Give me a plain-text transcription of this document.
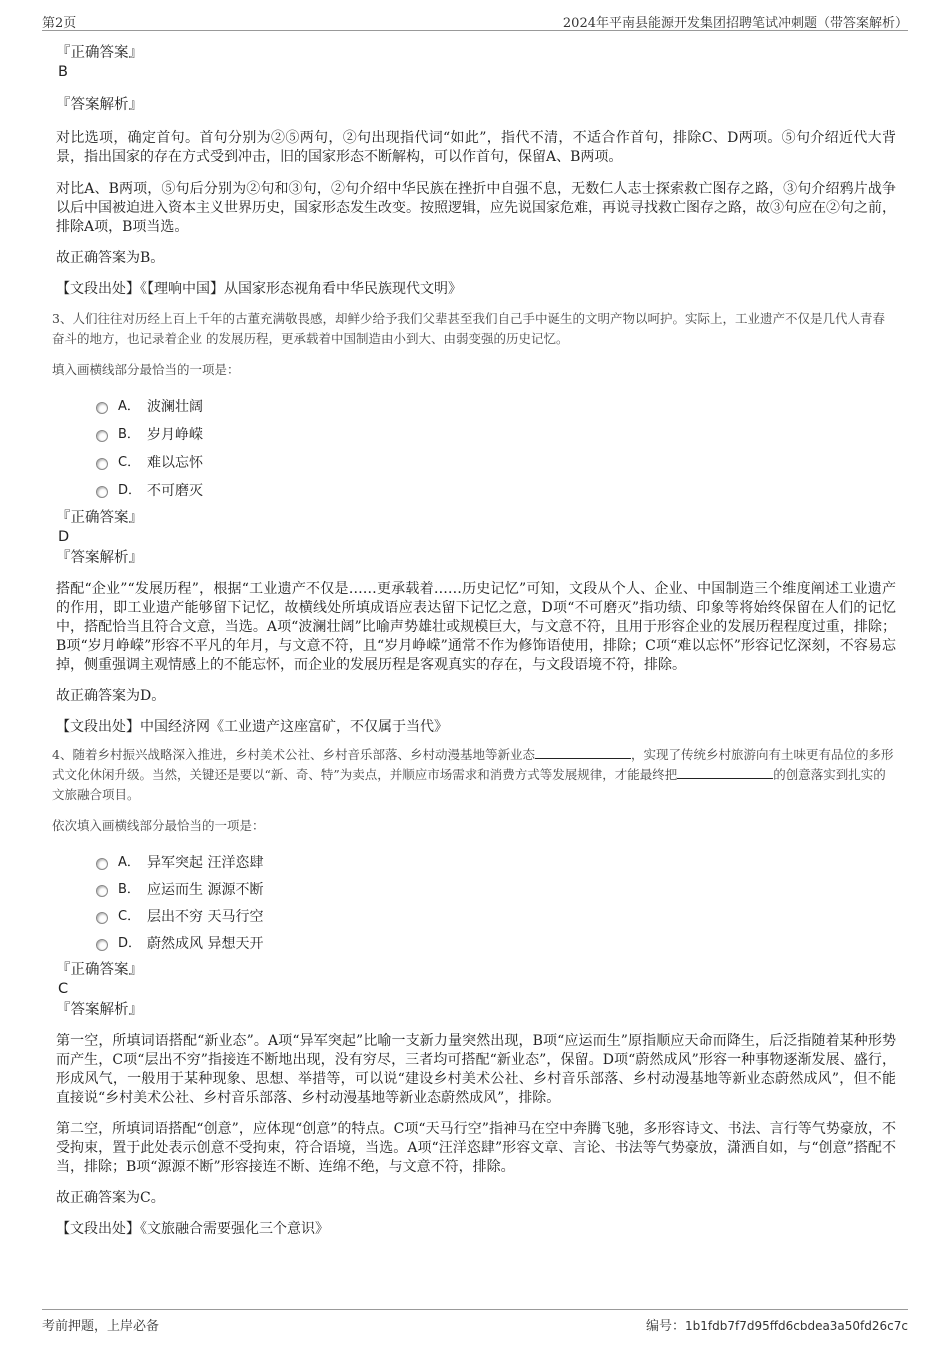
第2页	2024年平南县能源开发集团招聘笔试冲刺题（带答案解析）

『正确答案』

B

『答案解析』

对比选项，确定首句。首句分别为②⑤两句，②句出现指代词“如此”，指代不清，不适合作首句，排除C、D两项。⑤句介绍近代大背景，指出国家的存在方式受到冲击，旧的国家形态不断解构，可以作首句，保留A、B两项。

对比A、B两项，⑤句后分别为②句和③句，②句介绍中华民族在挫折中自强不息，无数仁人志士探索救亡图存之路，③句介绍鸦片战争以后中国被迫进入资本主义世界历史，国家形态发生改变。按照逻辑，应先说国家危难，再说寻找救亡图存之路，故③句应在②句之前，排除A项，B项当选。

故正确答案为B。

【文段出处】《【理响中国】从国家形态视角看中华民族现代文明》

3、人们往往对历经上百上千年的古董充满敬畏感，却鲜少给予我们父辈甚至我们自己手中诞生的文明产物以呵护。实际上，工业遗产不仅是几代人青春奋斗的地方，也记录着企业 的发展历程，更承载着中国制造由小到大、由弱变强的历史记忆。

填入画横线部分最恰当的一项是：

A． 波澜壮阔
B． 岁月峥嵘
C． 难以忘怀
D． 不可磨灭

『正确答案』

D

『答案解析』

搭配“企业”“发展历程”，根据“工业遗产不仅是……更承载着……历史记忆”可知，文段从个人、企业、中国制造三个维度阐述工业遗产的作用，即工业遗产能够留下记忆，故横线处所填成语应表达留下记忆之意，D项“不可磨灭”指功绩、印象等将始终保留在人们的记忆中，搭配恰当且符合文意，当选。A项“波澜壮阔”比喻声势雄壮或规模巨大，与文意不符，且用于形容企业的发展历程程度过重，排除；B项“岁月峥嵘”形容不平凡的年月，与文意不符，且“岁月峥嵘”通常不作为修饰语使用，排除；C项“难以忘怀”形容记忆深刻，不容易忘掉，侧重强调主观情感上的不能忘怀，而企业的发展历程是客观真实的存在，与文段语境不符，排除。

故正确答案为D。

【文段出处】中国经济网《工业遗产这座富矿，不仅属于当代》

4、随着乡村振兴战略深入推进，乡村美术公社、乡村音乐部落、乡村动漫基地等新业态	，实现了传统乡村旅游向有土味更有品位的多形式文化休闲升级。当然，关键还是要以“新、奇、特”为卖点，并顺应市场需求和消费方式等发展规律，才能最终把	的创意落实到扎实的文旅融合项目。

依次填入画横线部分最恰当的一项是：

A． 异军突起 汪洋恣肆
B． 应运而生 源源不断
C． 层出不穷 天马行空
D． 蔚然成风 异想天开

『正确答案』

C

『答案解析』

第一空，所填词语搭配“新业态”。A项“异军突起”比喻一支新力量突然出现，B项“应运而生”原指顺应天命而降生，后泛指随着某种形势而产生，C项“层出不穷”指接连不断地出现，没有穷尽，三者均可搭配“新业态”，保留。D项“蔚然成风”形容一种事物逐渐发展、盛行，形成风气，一般用于某种现象、思想、举措等，可以说“建设乡村美术公社、乡村音乐部落、乡村动漫基地等新业态蔚然成风”，但不能直接说“乡村美术公社、乡村音乐部落、乡村动漫基地等新业态蔚然成风”，排除。

第二空，所填词语搭配“创意”，应体现“创意”的特点。C项“天马行空”指神马在空中奔腾飞驰，多形容诗文、书法、言行等气势豪放，不受拘束，置于此处表示创意不受拘束，符合语境，当选。A项“汪洋恣肆”形容文章、言论、书法等气势豪放，潇洒自如，与“创意”搭配不当，排除；B项“源源不断”形容接连不断、连绵不绝，与文意不符，排除。

故正确答案为C。

【文段出处】《文旅融合需要强化三个意识》

考前押题，上岸必备	编号：1b1fdb7f7d95ffd6cbdea3a50fd26c7c
